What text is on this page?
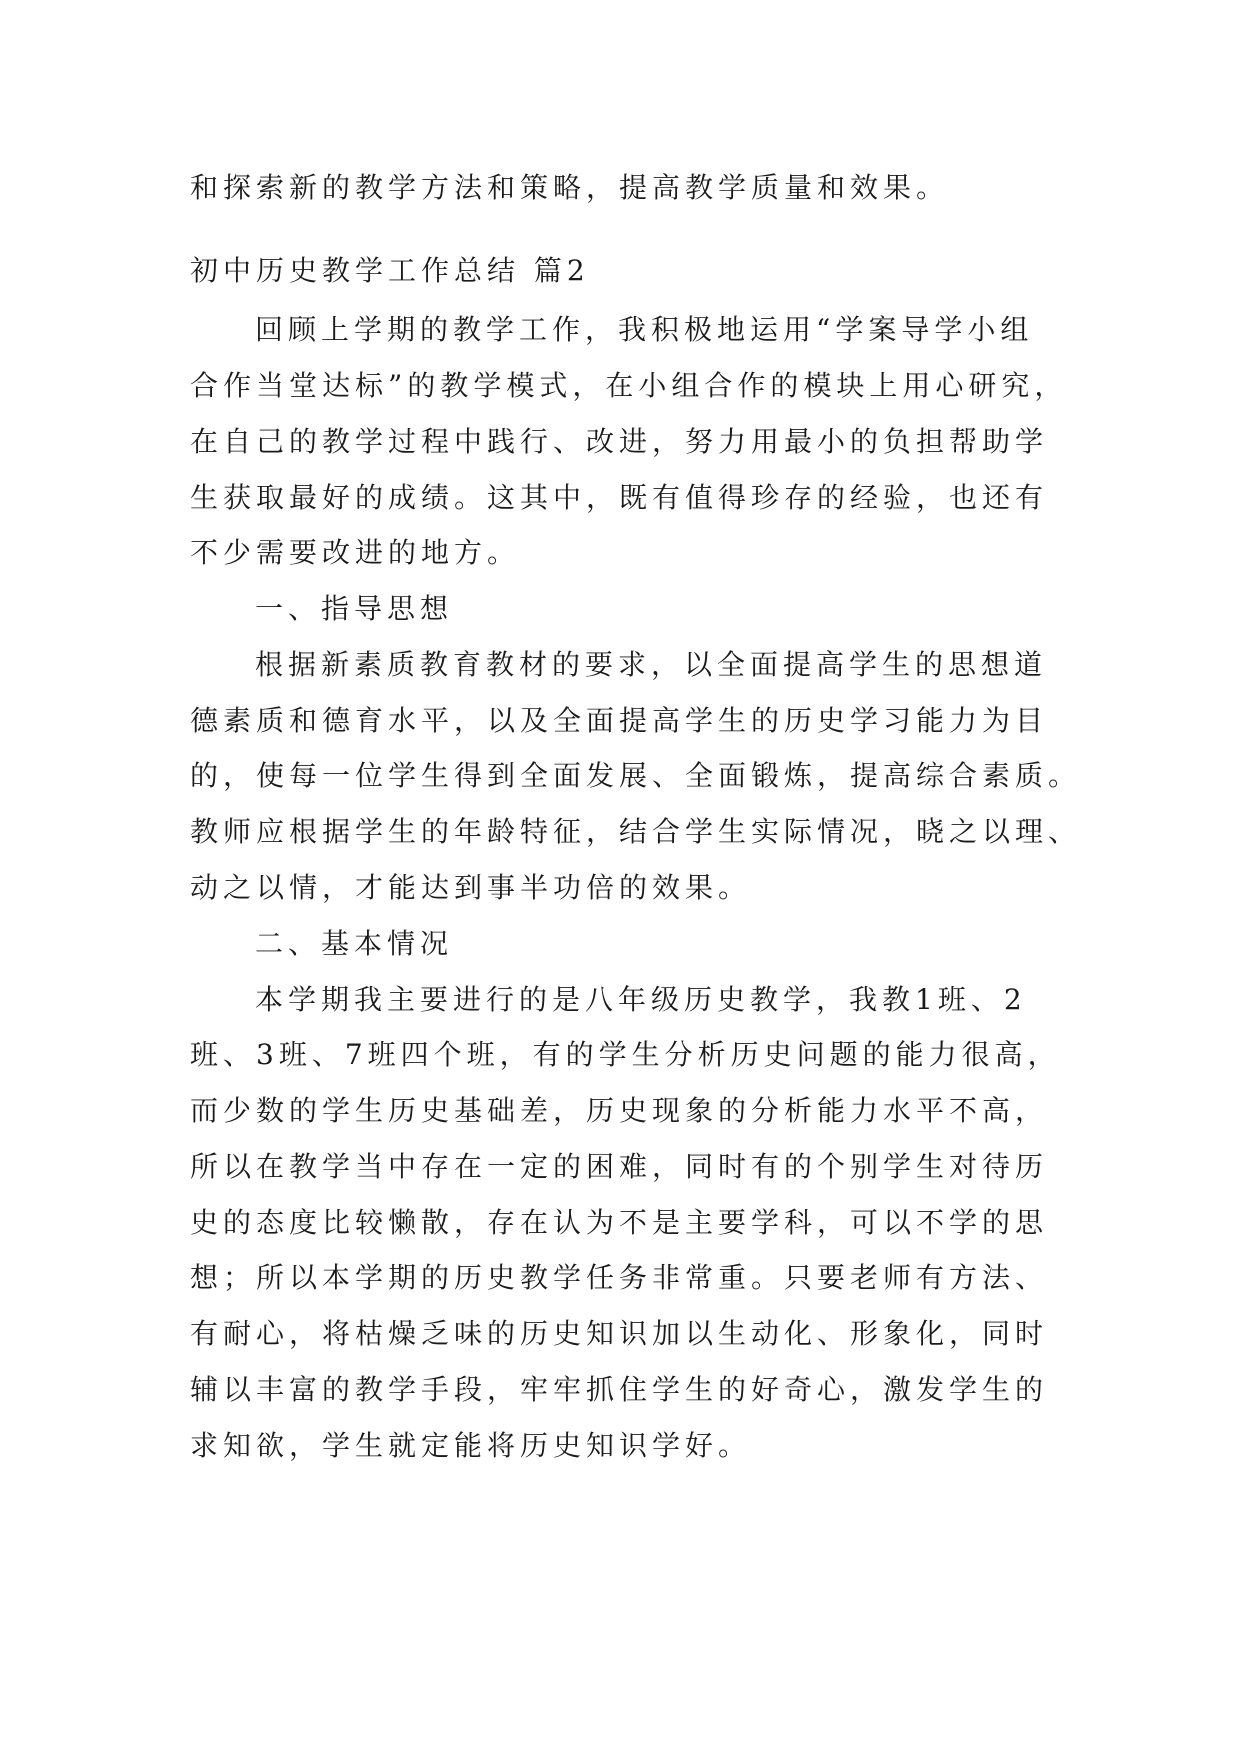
和探索新的教学方法和策略，提高教学质量和效果。
初中历史教学工作总结 篇2
回顾上学期的教学工作，我积极地运用“学案导学小组
合作当堂达标”的教学模式，在小组合作的模块上用心研究，
在自己的教学过程中践行、改进，努力用最小的负担帮助学
生获取最好的成绩。这其中，既有值得珍存的经验，也还有
不少需要改进的地方。
一、指导思想
根据新素质教育教材的要求，以全面提高学生的思想道
德素质和德育水平，以及全面提高学生的历史学习能力为目
的，使每一位学生得到全面发展、全面锻炼，提高综合素质。
教师应根据学生的年龄特征，结合学生实际情况，晓之以理、
动之以情，才能达到事半功倍的效果。
二、基本情况
本学期我主要进行的是八年级历史教学，我教1班、2
班、3班、7班四个班，有的学生分析历史问题的能力很高，
而少数的学生历史基础差，历史现象的分析能力水平不高，
所以在教学当中存在一定的困难，同时有的个别学生对待历
史的态度比较懒散，存在认为不是主要学科，可以不学的思
想；所以本学期的历史教学任务非常重。只要老师有方法、
有耐心，将枯燥乏味的历史知识加以生动化、形象化，同时
辅以丰富的教学手段，牢牢抓住学生的好奇心，激发学生的
求知欲，学生就定能将历史知识学好。
